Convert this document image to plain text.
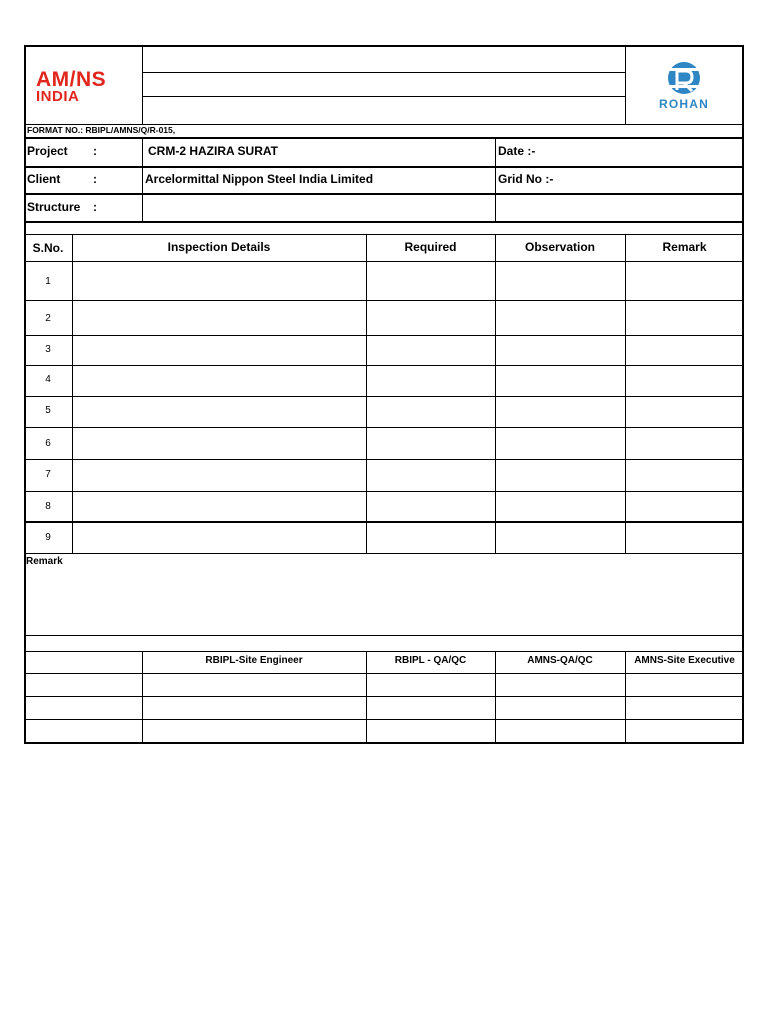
AM/NS
INDIA	ROHAN
FORMAT NO.: RBIPL/AMNS/Q/R-015,
Project :	CRM-2 HAZIRA SURAT	Date :-
Client	:	Arcelormittal Nippon Steel India Limited	Grid No :-
Structure :
S.No.	Inspection Details	Required	Observation	Remark
1
2
3
4
5
6
7
8
9
Remark
RBIPL-Site Engineer	RBIPL - QA/QC	AMNS-QA/QC	AMNS-Site Executive
